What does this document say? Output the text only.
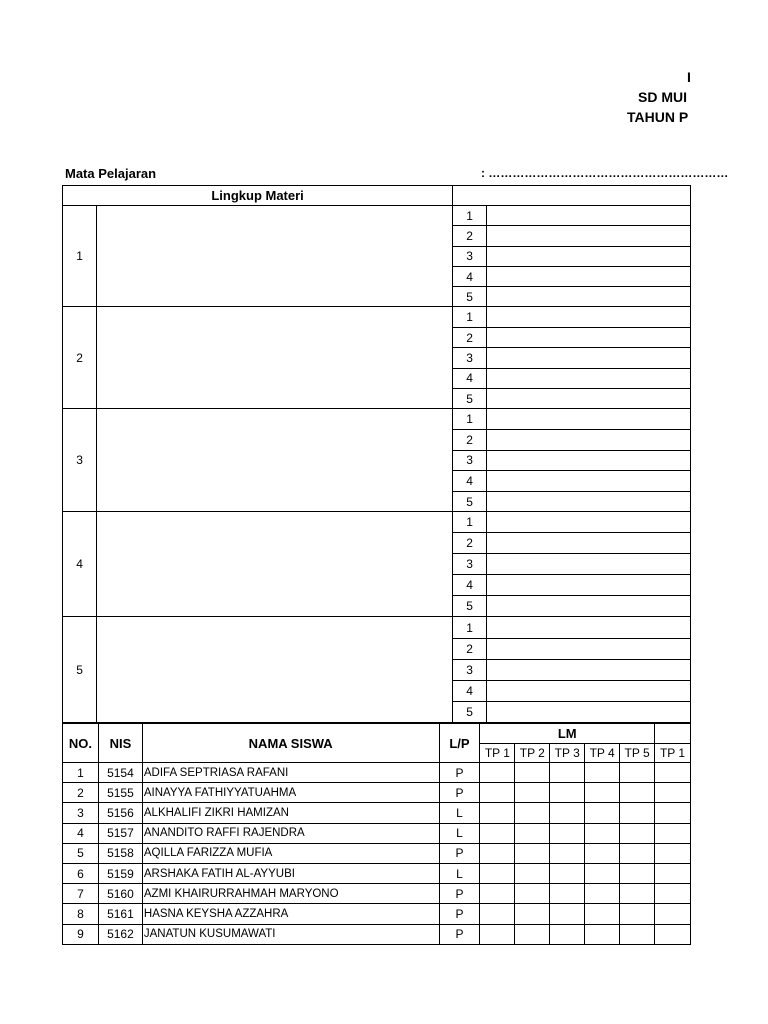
I
SD MUI
TAHUN P
Mata Pelajaran	: ……………………………………………………
Lingkup Materi			
1		1	
		2	
		3	
		4	
		5	
2		1	
		2	
		3	
		4	
		5	
3		1	
		2	
		3	
		4	
		5	
4		1	
		2	
		3	
		4	
		5	
5		1	
		2	
		3	
		4	
		5	
NO.	NIS	NAMA SISWA	L/P	LM					
				TP 1	TP 2	TP 3	TP 4	TP 5	TP 1
1	5154	ADIFA SEPTRIASA RAFANI	P						
2	5155	AINAYYA FATHIYYATUAHMA	P						
3	5156	ALKHALIFI ZIKRI HAMIZAN	L						
4	5157	ANANDITO RAFFI RAJENDRA	L						
5	5158	AQILLA FARIZZA MUFIA	P						
6	5159	ARSHAKA FATIH AL-AYYUBI	L						
7	5160	AZMI KHAIRURRAHMAH MARYONO	P						
8	5161	HASNA KEYSHA AZZAHRA	P						
9	5162	JANATUN KUSUMAWATI	P						
